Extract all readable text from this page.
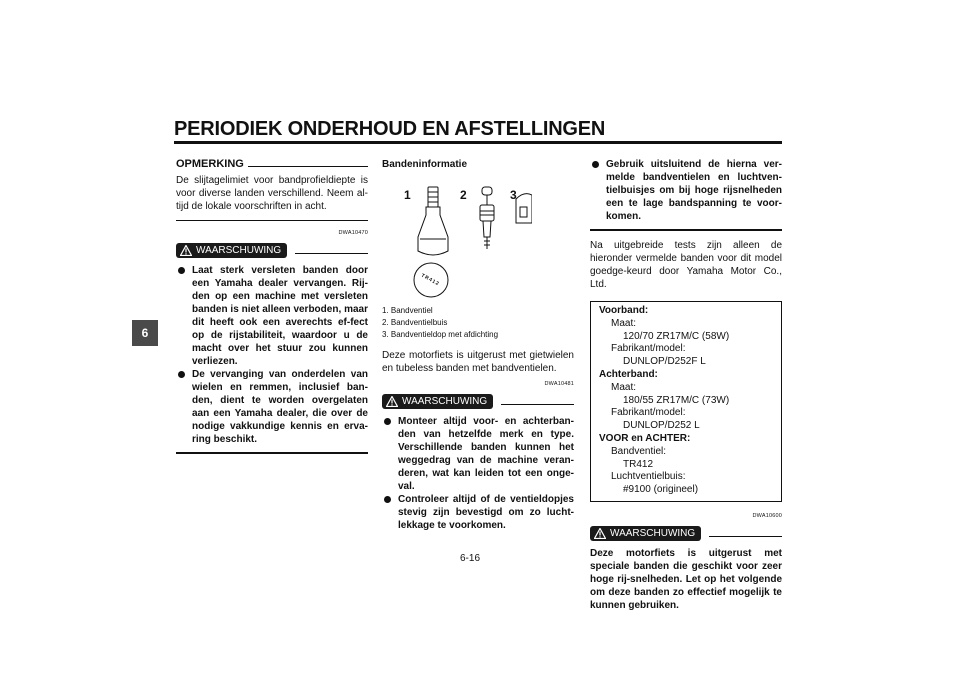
PERIODIEK ONDERHOUD EN AFSTELLINGEN
6
OPMERKING
De slijtagelimiet voor bandprofieldiepte is voor diverse landen verschillend. Neem al-tijd de lokale voorschriften in acht.
DWA10470
WAARSCHUWING
Laat sterk versleten banden door een Yamaha dealer vervangen. Rij-den op een machine met versleten banden is niet alleen verboden, maar dit heeft ook een averechts ef-fect op de rijstabiliteit, waardoor u de macht over het stuur zou kunnen verliezen.
De vervanging van onderdelen van wielen en remmen, inclusief ban-den, dient te worden overgelaten aan een Yamaha dealer, die over de nodige vakkundige kennis en erva-ring beschikt.
Bandeninformatie
1	2	3
TR412
1. Bandventiel
2. Bandventielbuis
3. Bandventieldop met afdichting
Deze motorfiets is uitgerust met gietwielen en tubeless banden met bandventielen.
DWA10481
WAARSCHUWING
Monteer altijd voor- en achterban-den van hetzelfde merk en type. Verschillende banden kunnen het weggedrag van de machine veran-deren, wat kan leiden tot een onge-val.
Controleer altijd of de ventieldopjes stevig zijn bevestigd om zo lucht-lekkage te voorkomen.
Gebruik uitsluitend de hierna ver-melde bandventielen en luchtven-tielbuisjes om bij hoge rijsnelheden een te lage bandspanning te voor-komen.
Na uitgebreide tests zijn alleen de hieronder vermelde banden voor dit model goedge-keurd door Yamaha Motor Co., Ltd.
Voorband:
Maat:
120/70 ZR17M/C (58W)
Fabrikant/model:
DUNLOP/D252F L
Achterband:
Maat:
180/55 ZR17M/C (73W)
Fabrikant/model:
DUNLOP/D252 L
VOOR en ACHTER:
Bandventiel:
TR412
Luchtventielbuis:
#9100 (origineel)
DWA10600
WAARSCHUWING
Deze motorfiets is uitgerust met speciale banden die geschikt voor zeer hoge rij-snelheden. Let op het volgende om deze banden zo effectief mogelijk te kunnen gebruiken.
6-16
